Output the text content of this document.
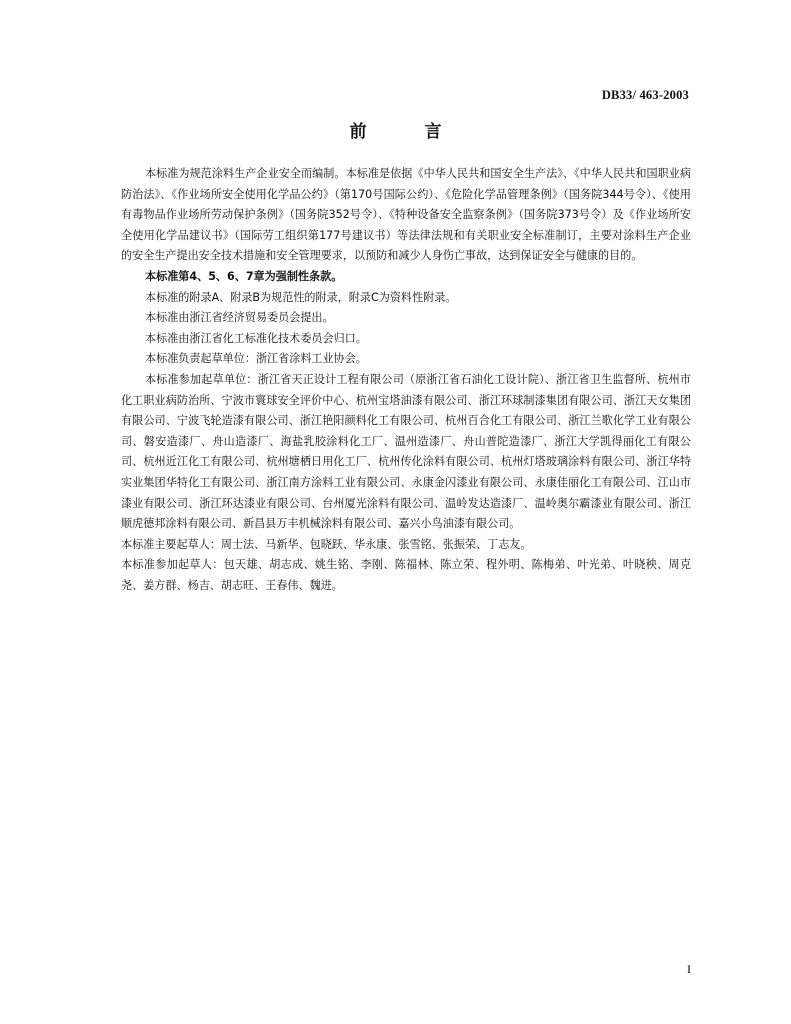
DB33/ 463-2003
前 言

本标准为规范涂料生产企业安全而编制。本标准是依据《中华人民共和国安全生产法》、《中华人民共和国职业病防治法》、《作业场所安全使用化学品公约》（第170号国际公约）、《危险化学品管理条例》（国务院344号令）、《使用有毒物品作业场所劳动保护条例》（国务院352号令）、《特种设备安全监察条例》（国务院373号令）及《作业场所安全使用化学品建议书》（国际劳工组织第177号建议书）等法律法规和有关职业安全标准制订，主要对涂料生产企业的安全生产提出安全技术措施和安全管理要求，以预防和减少人身伤亡事故，达到保证安全与健康的目的。

本标准第4、5、6、7章为强制性条款。

本标准的附录A、附录B为规范性的附录，附录C为资料性附录。

本标准由浙江省经济贸易委员会提出。

本标准由浙江省化工标准化技术委员会归口。

本标准负责起草单位：浙江省涂料工业协会。

本标准参加起草单位：浙江省天正设计工程有限公司（原浙江省石油化工设计院）、浙江省卫生监督所、杭州市化工职业病防治所、宁波市寰球安全评价中心、杭州宝塔油漆有限公司、浙江环球制漆集团有限公司、浙江天女集团有限公司、宁波飞轮造漆有限公司、浙江艳阳颜料化工有限公司、杭州百合化工有限公司、浙江兰歌化学工业有限公司、磐安造漆厂、舟山造漆厂、海盐乳胶涂料化工厂、温州造漆厂、舟山普陀造漆厂、浙江大学凯得丽化工有限公司、杭州近江化工有限公司、杭州塘栖日用化工厂、杭州传化涂料有限公司、杭州灯塔玻璃涂料有限公司、浙江华特实业集团华特化工有限公司、浙江南方涂料工业有限公司、永康金闪漆业有限公司、永康佳丽化工有限公司、江山市漆业有限公司、浙江环达漆业有限公司、台州厦光涂料有限公司、温岭发达造漆厂、温岭奥尔霸漆业有限公司、浙江顺虎德邦涂料有限公司、新昌县万丰机械涂料有限公司、嘉兴小鸟油漆有限公司。

本标准主要起草人：周士法、马新华、包晓跃、华永康、张雪铭、张振荣、丁志友。

本标准参加起草人：包天雄、胡志成、姚生铭、李刚、陈福林、陈立荣、程外明、陈梅弟、叶光弟、叶晓秧、周克尧、姜方群、杨吉、胡志旺、王春伟、魏进。

I
